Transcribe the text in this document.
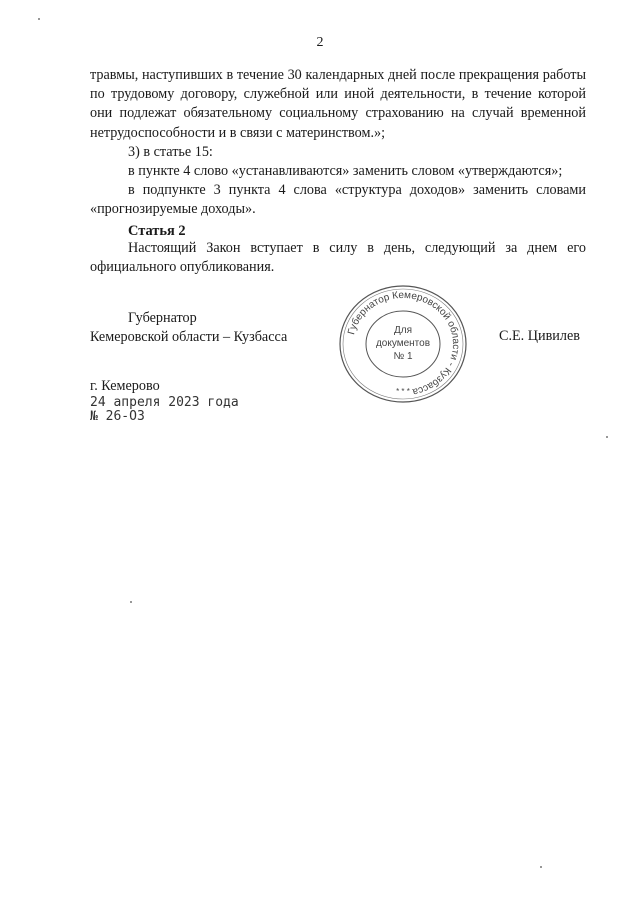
2

травмы, наступивших в течение 30 календарных дней после прекращения работы по трудовому договору, служебной или иной деятельности, в течение которой они подлежат обязательному социальному страхованию на случай временной нетрудоспособности и в связи с материнством.»;

3) в статье 15:

в пункте 4 слово «устанавливаются» заменить словом «утверждаются»;

в подпункте 3 пункта 4 слова «структура доходов» заменить словами «прогнозируемые доходы».

Статья 2

Настоящий Закон вступает в силу в день, следующий за днем его официального опубликования.

Губернатор
Кемеровской области – Кузбасса	Губернатор Кемеровской области - Кузбасса
Для
документов
№ 1
* * *
С.Е. Цивилев
г. Кемерово
24 апреля 2023 года
№ 26-ОЗ
